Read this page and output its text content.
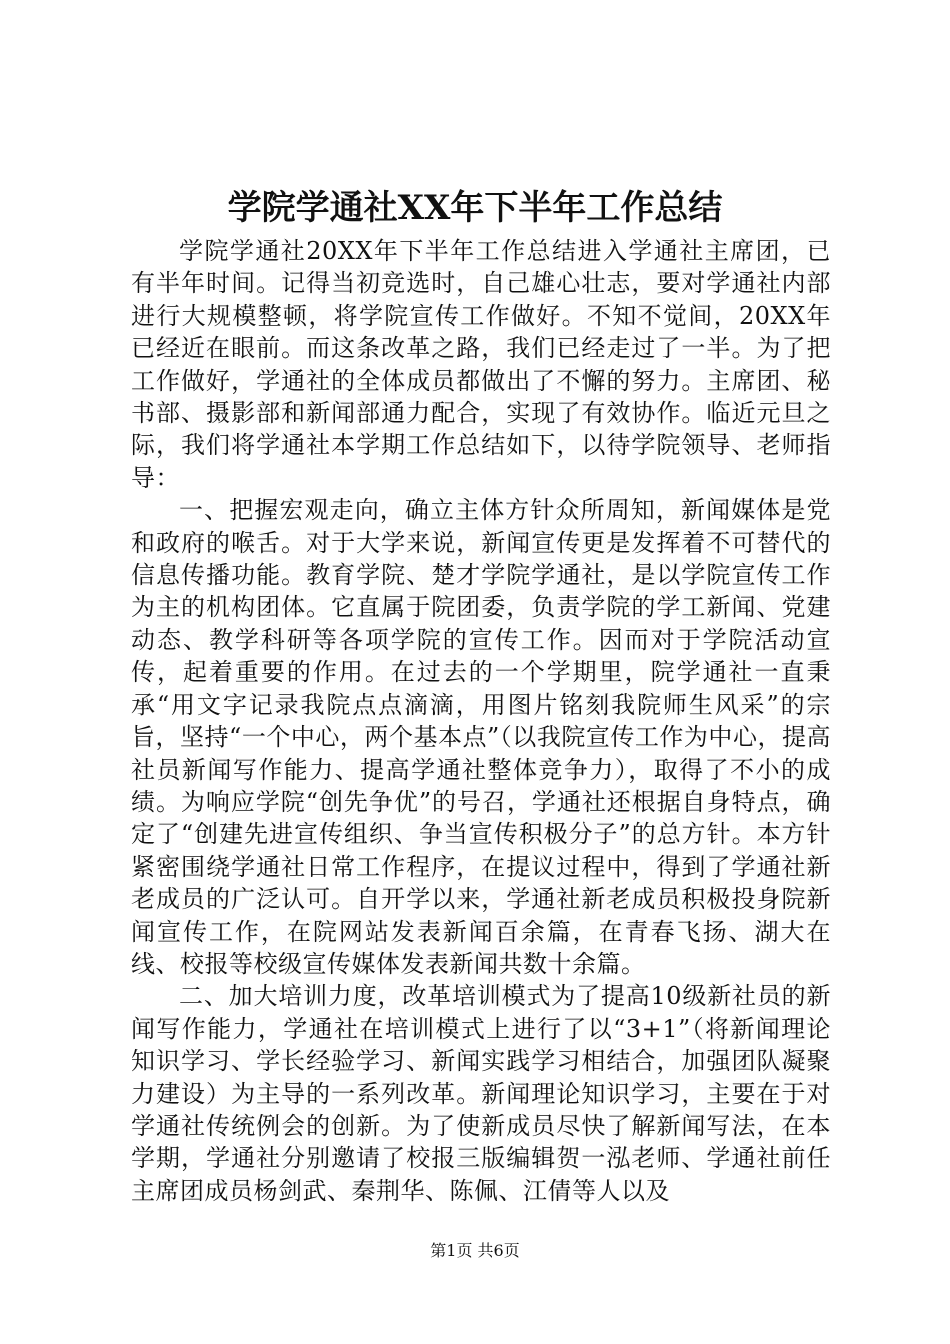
学院学通社XX年下半年工作总结

学院学通社20XX年下半年工作总结进入学通社主席团，已有半年时间。记得当初竞选时，自己雄心壮志，要对学通社内部进行大规模整顿，将学院宣传工作做好。不知不觉间，20XX年已经近在眼前。而这条改革之路，我们已经走过了一半。为了把工作做好，学通社的全体成员都做出了不懈的努力。主席团、秘书部、摄影部和新闻部通力配合，实现了有效协作。临近元旦之际，我们将学通社本学期工作总结如下，以待学院领导、老师指导：

一、把握宏观走向，确立主体方针众所周知，新闻媒体是党和政府的喉舌。对于大学来说，新闻宣传更是发挥着不可替代的信息传播功能。教育学院、楚才学院学通社，是以学院宣传工作为主的机构团体。它直属于院团委，负责学院的学工新闻、党建动态、教学科研等各项学院的宣传工作。因而对于学院活动宣传，起着重要的作用。在过去的一个学期里，院学通社一直秉承“用文字记录我院点点滴滴，用图片铭刻我院师生风采”的宗旨，坚持“一个中心，两个基本点”（以我院宣传工作为中心，提高社员新闻写作能力、提高学通社整体竞争力），取得了不小的成绩。为响应学院“创先争优”的号召，学通社还根据自身特点，确定了“创建先进宣传组织、争当宣传积极分子”的总方针。本方针紧密围绕学通社日常工作程序，在提议过程中，得到了学通社新老成员的广泛认可。自开学以来，学通社新老成员积极投身院新闻宣传工作，在院网站发表新闻百余篇，在青春飞扬、湖大在线、校报等校级宣传媒体发表新闻共数十余篇。

二、加大培训力度，改革培训模式为了提高10级新社员的新闻写作能力，学通社在培训模式上进行了以“3+1”（将新闻理论知识学习、学长经验学习、新闻实践学习相结合，加强团队凝聚力建设）为主导的一系列改革。新闻理论知识学习，主要在于对学通社传统例会的创新。为了使新成员尽快了解新闻写法，在本学期，学通社分别邀请了校报三版编辑贺一泓老师、学通社前任主席团成员杨剑武、秦荆华、陈佩、江倩等人以及

第1页 共6页
